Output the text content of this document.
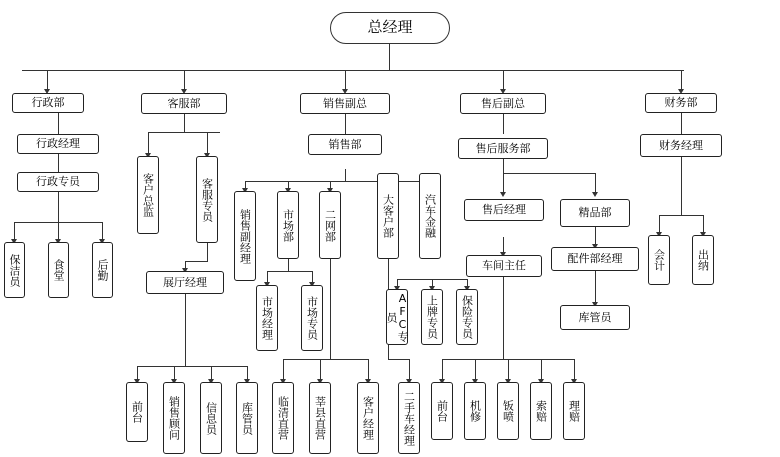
总经理
行政部	客服部	销售副总	售后副总	财务部
行政经理
行政专员
保洁员	食堂	后勤
客户总监	客服专员
展厅经理
前台	销售顾问	信息员	库管员
销售部
销售副经理	市场部	二网部	大客户部	汽车金融
市场经理	市场专员
临清直营	莘县直营	客户经理	二手车经理
AFC专员	上牌专员	保险专员
售后服务部
售后经理
车间主任
前台	机修	钣喷	索赔	理赔
精品部
配件部经理
库管员
财务经理
会计	出纳
